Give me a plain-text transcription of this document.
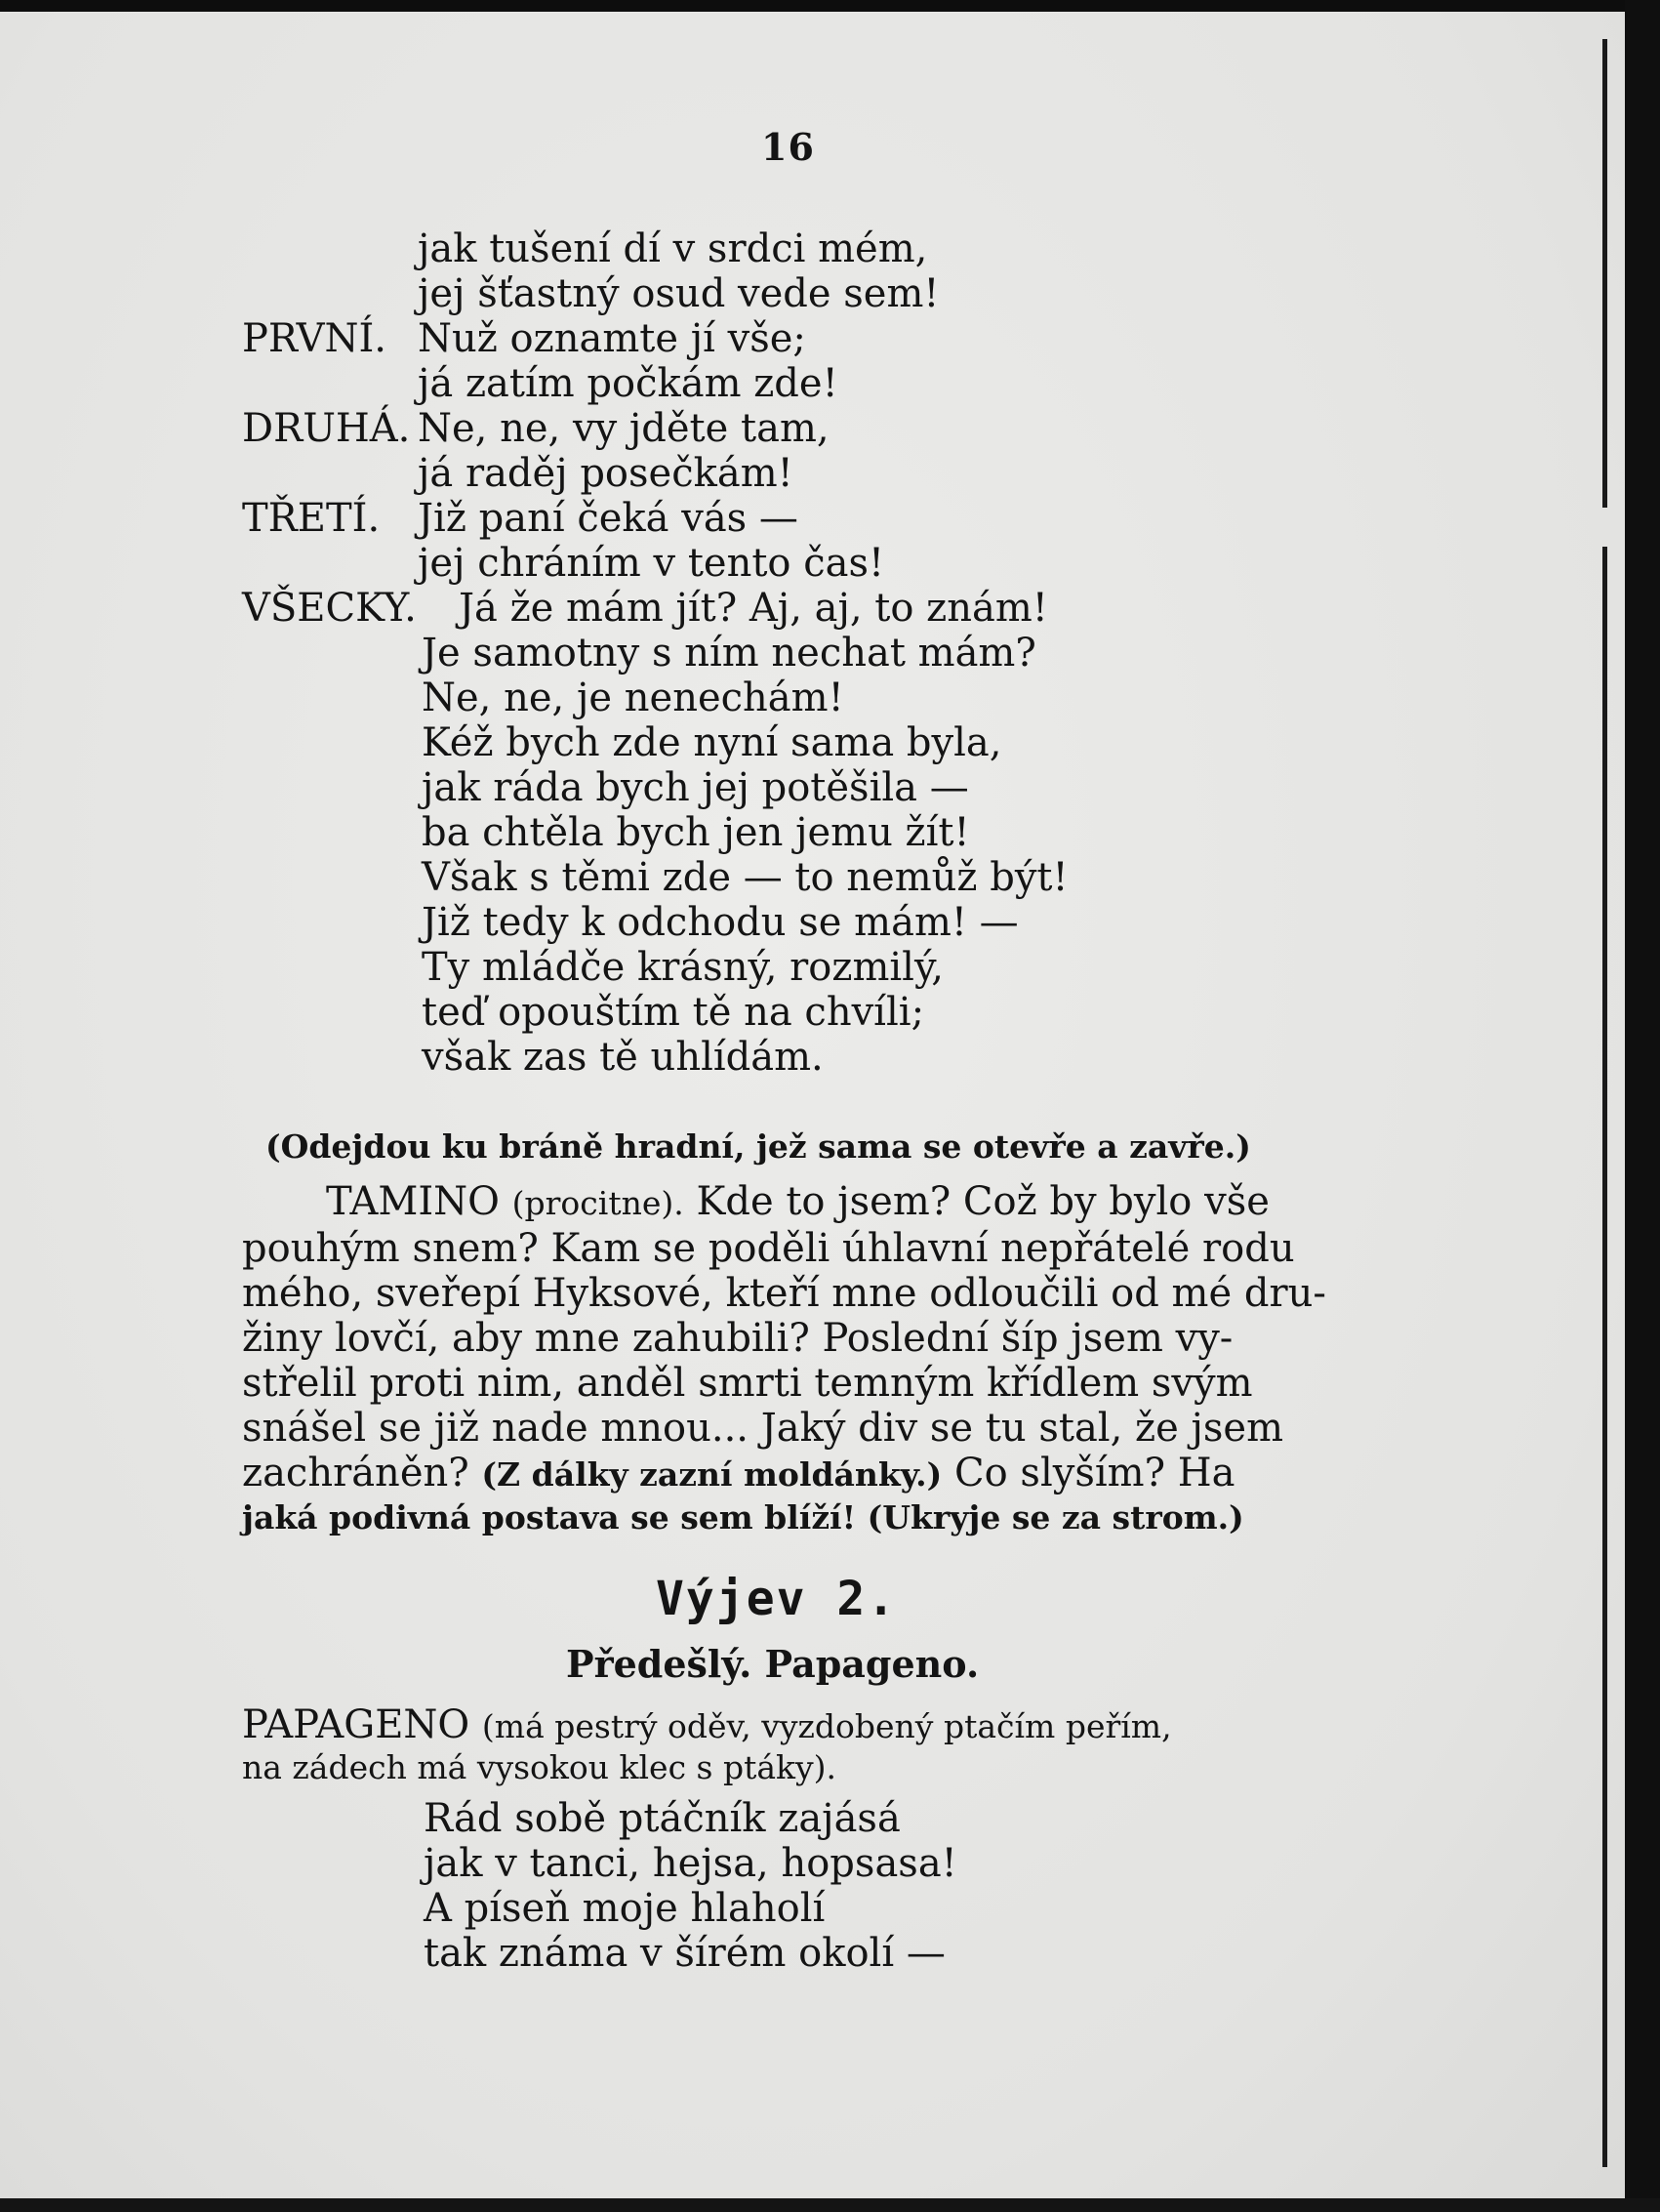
16
jak tušení dí v srdci mém,
jej šťastný osud vede sem!
PRVNÍ. Nuž oznamte jí vše;
já zatím počkám zde!
DRUHÁ. Ne, ne, vy jděte tam,
já raděj posečkám!
TŘETÍ. Již paní čeká vás —
jej chráním v tento čas!
VŠECKY. Já že mám jít? Aj, aj, to znám!
Je samotny s ním nechat mám?
Ne, ne, je nenechám!
Kéž bych zde nyní sama byla,
jak ráda bych jej potěšila —
ba chtěla bych jen jemu žít!
Však s těmi zde — to nemůž být!
Již tedy k odchodu se mám! —
Ty mládče krásný, rozmilý,
teď opouštím tě na chvíli;
však zas tě uhlídám.
(Odejdou ku bráně hradní, jež sama se otevře a zavře.)
TAMINO (procitne). Kde to jsem? Což by bylo vše
pouhým snem? Kam se poděli úhlavní nepřátelé rodu
mého, sveřepí Hyksové, kteří mne odloučili od mé dru-
žiny lovčí, aby mne zahubili? Poslední šíp jsem vy-
střelil proti nim, anděl smrti temným křídlem svým
snášel se již nade mnou... Jaký div se tu stal, že jsem
zachráněn? (Z dálky zazní moldánky.) Co slyším? Ha
jaká podivná postava se sem blíží! (Ukryje se za strom.)
Výjev 2.
Předešlý. Papageno.
PAPAGENO (má pestrý oděv, vyzdobený ptačím peřím,
na zádech má vysokou klec s ptáky).
Rád sobě ptáčník zajásá
jak v tanci, hejsa, hopsasa!
A píseň moje hlaholí
tak známa v šírém okolí —
